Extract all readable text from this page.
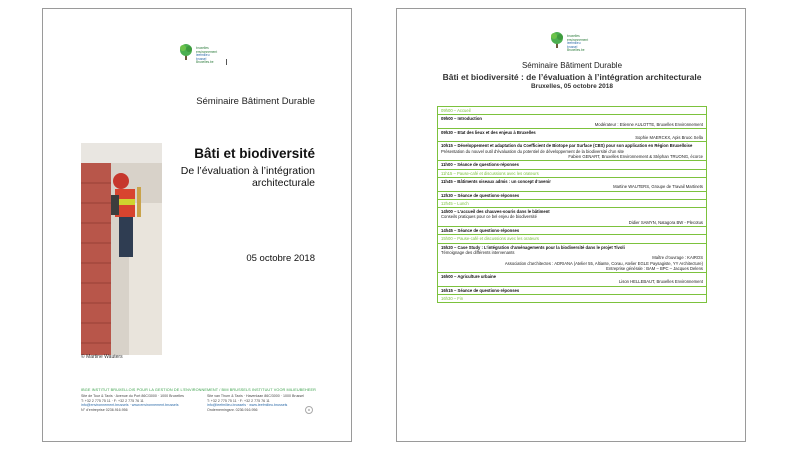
bruxelles
environnement
leefmilieu
brussel
Bruxelles.be
Séminaire Bâtiment Durable
Bâti et biodiversité
De l’évaluation à l’intégration architecturale
05 octobre 2018
© Martine Wauters
IBGE INSTITUT BRUXELLOIS POUR LA GESTION DE L'ENVIRONNEMENT / BIM BRUSSELS INSTITUUT VOOR MILIEUBEHEER
Site de Tour & Taxis · Avenue du Port 86C/3000 · 1000 Bruxelles
T: +32 2 775 75 11 · F: +32 2 775 76 11
info@environnement.brussels · www.environnement.brussels
N° d'entreprise 0236.916.956
Site van Thurn & Taxis · Havenlaan 86C/3000 · 1000 Brussel
T: +32 2 775 75 11 · F: +32 2 775 76 11
info@leefmilieu.brussels · www.leefmilieu.brussels
Ondernemingsnr. 0236.916.956	♻
bruxelles
environnement
leefmilieu
brussel
Bruxelles.be
Séminaire Bâtiment Durable
Bâti et biodiversité : de l’évaluation à l’intégration architecturale
Bruxelles, 05 octobre 2018
09h00 – Accueil
09h00 – Introduction
Modérateur : Etienne AULOTTE, Bruxelles Environnement
09h30 – Etat des lieux et des enjeux à Bruxelles
Sophie MAERCKX, Apis Bruoc Sella
10h15 – Développement et adaptation du Coefficient de Biotope par Surface (CBS) pour son application en Région Bruxelloise
Présentation du nouvel outil d’évaluation du potentiel de développement de la biodiversité d’un site
Fabien GENART, Bruxelles Environnement & Stéphan TRUONG, écorce
11h00 – Séance de questions-réponses
11h15 – Pause-café et discussions avec les orateurs
11h45 – Bâtiments oiseaux admis : un concept d’avenir
Martine WAUTERS, Groupe de Travail Martinets
12h30 – Séance de questions-réponses
12h45 – Lunch
14h00 – L’accueil des chauves-souris dans le bâtiment
Conseils pratiques pour ce bel enjeu de biodiversité
Didier SAMYN, Natagora BW - Plecotus
14h45 – Séance de questions-réponses
15h00 – Pause-café et discussions avec les orateurs
15h20 – Case Study : L’intégration d’aménagements pour la biodiversité dans le projet Tivoli
Témoignage des différents intervenants
Maître d’ouvrage : KAIROS
Association d’architectes : ADRIANA (Atelier 55, Altiante, Corau, Atelier EGLE Paysagiste, YY Architecture)
Entreprise générale : BAM – BPC – Jacques Delens
16h00 – Agriculture urbaine
Lison HELLEBAUT, Bruxelles Environnement
16h15 – Séance de questions-réponses
16h30 – Fin
